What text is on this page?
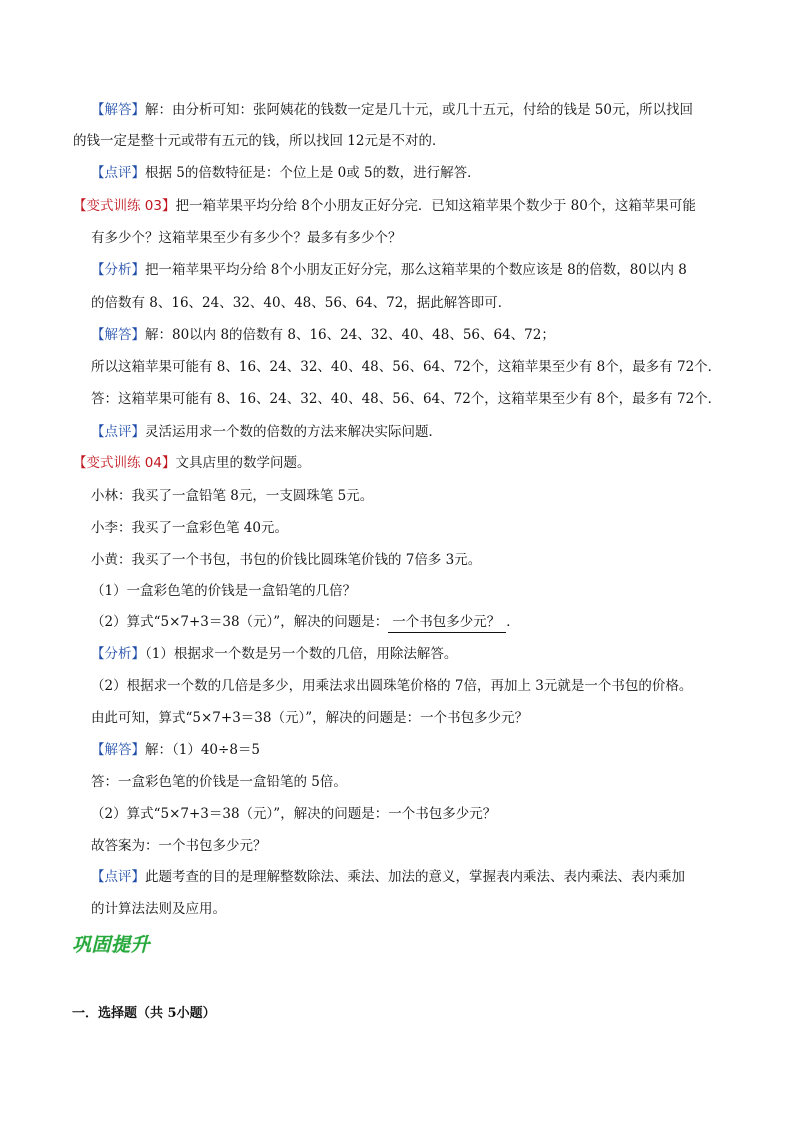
【解答】解：由分析可知：张阿姨花的钱数一定是几十元，或几十五元，付给的钱是 50元，所以找回
的钱一定是整十元或带有五元的钱，所以找回 12元是不对的．
【点评】根据 5的倍数特征是：个位上是 0或 5的数，进行解答．
【变式训练 03】把一箱苹果平均分给 8个小朋友正好分完．已知这箱苹果个数少于 80个，这箱苹果可能
有多少个？这箱苹果至少有多少个？最多有多少个？
【分析】把一箱苹果平均分给 8个小朋友正好分完，那么这箱苹果的个数应该是 8的倍数，80以内 8
的倍数有 8、16、24、32、40、48、56、64、72，据此解答即可．
【解答】解：80以内 8的倍数有 8、16、24、32、40、48、56、64、72；
所以这箱苹果可能有 8、16、24、32、40、48、56、64、72个，这箱苹果至少有 8个，最多有 72个．
答：这箱苹果可能有 8、16、24、32、40、48、56、64、72个，这箱苹果至少有 8个，最多有 72个．
【点评】灵活运用求一个数的倍数的方法来解决实际问题．
【变式训练 04】文具店里的数学问题。
小林：我买了一盒铅笔 8元，一支圆珠笔 5元。
小李：我买了一盒彩色笔 40元。
小黄：我买了一个书包，书包的价钱比圆珠笔价钱的 7倍多 3元。
（1）一盒彩色笔的价钱是一盒铅笔的几倍？
（2）算式“5×7+3＝38（元）”，解决的问题是： 一个书包多少元？ ．
【分析】（1）根据求一个数是另一个数的几倍，用除法解答。
（2）根据求一个数的几倍是多少，用乘法求出圆珠笔价格的 7倍，再加上 3元就是一个书包的价格。
由此可知，算式“5×7+3＝38（元）”，解决的问题是：一个书包多少元？
【解答】解：（1）40÷8＝5
答：一盒彩色笔的价钱是一盒铅笔的 5倍。
（2）算式“5×7+3＝38（元）”，解决的问题是：一个书包多少元？
故答案为：一个书包多少元？
【点评】此题考查的目的是理解整数除法、乘法、加法的意义，掌握表内乘法、表内乘法、表内乘加
的计算法法则及应用。
巩固提升
一．选择题（共 5小题）
